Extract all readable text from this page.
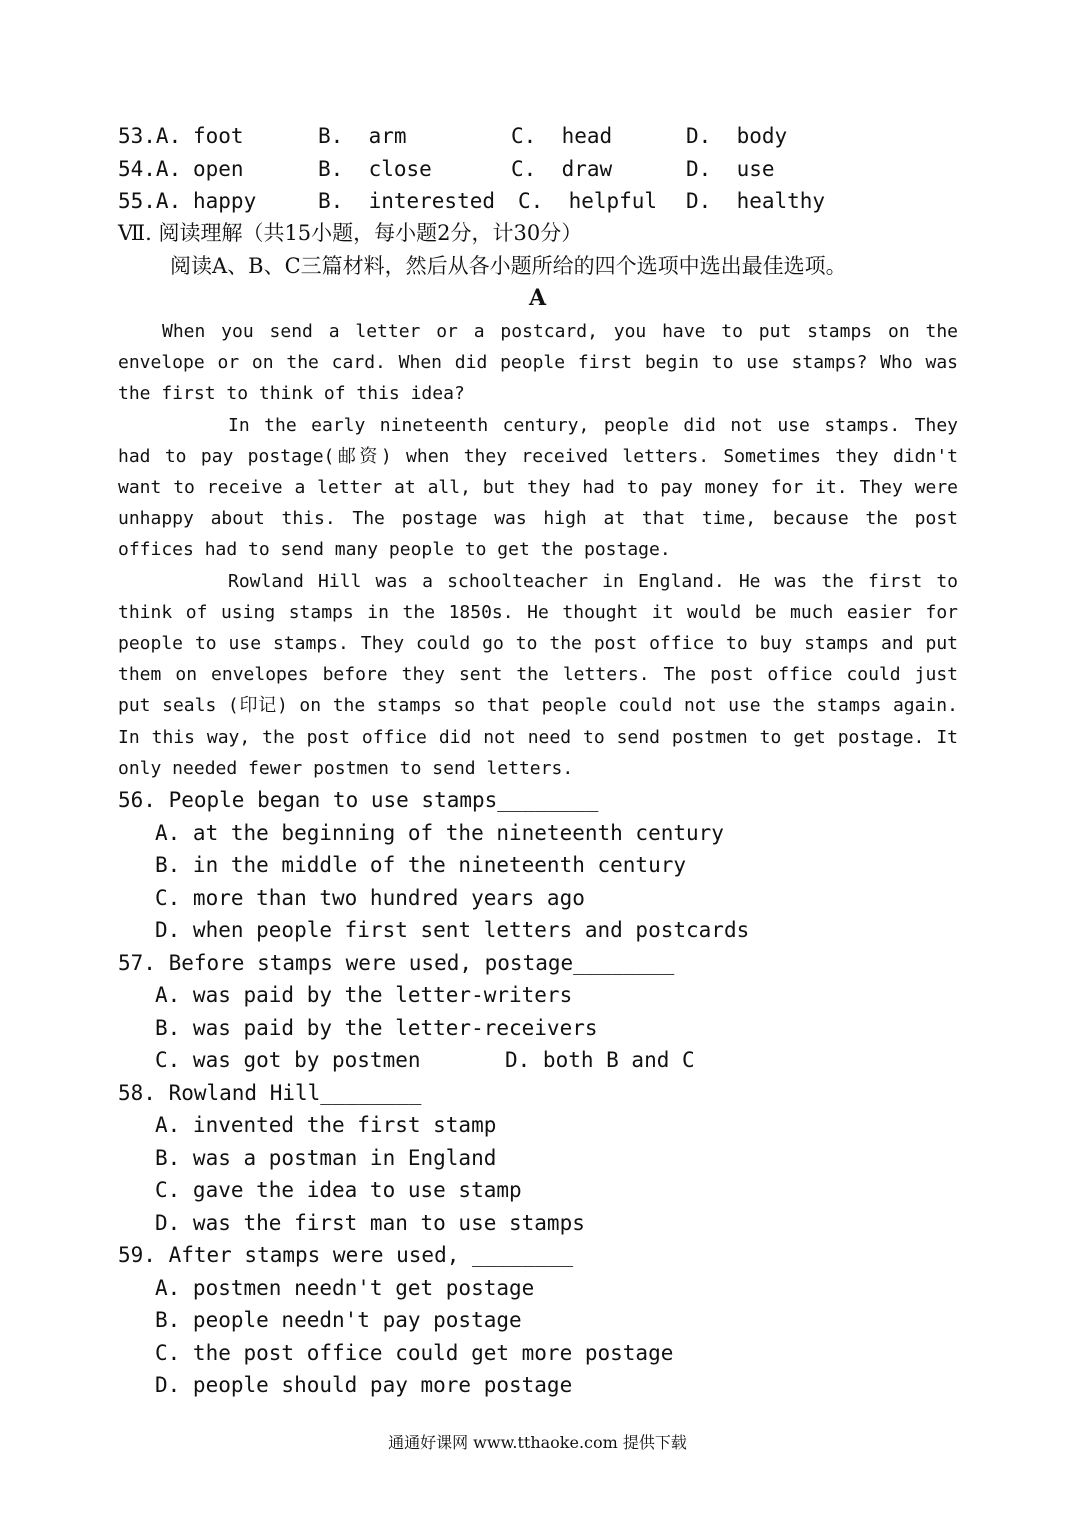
53.A. foot	B.  arm	C.  head	D.  body
54.A. open	B.  close	C.  draw	D.  use
55.A. happy	B.  interested C.  helpful D.  healthy
Ⅶ. 阅读理解（共15小题，每小题2分，计30分）
阅读A、B、C三篇材料，然后从各小题所给的四个选项中选出最佳选项。
A

When you send a letter or a postcard, you have to put stamps on the envelope or on the card. When did people first begin to use stamps? Who was the first to think of this idea?

In the early nineteenth century, people did not use stamps. They had to pay postage(邮资) when they received letters. Sometimes they didn't want to receive a letter at all, but they had to pay money for it. They were unhappy about this. The postage was high at that time, because the post offices had to send many people to get the postage.

Rowland Hill was a schoolteacher in England. He was the first to think of using stamps in the 1850s. He thought it would be much easier for people to use stamps. They could go to the post office to buy stamps and put them on envelopes before they sent the letters. The post office could just put seals (印记) on the stamps so that people could not use the stamps again. In this way, the post office did not need to send postmen to get postage. It only needed fewer postmen to send letters.

56. People began to use stamps________
A. at the beginning of the nineteenth century
B. in the middle of the nineteenth century
C. more than two hundred years ago
D. when people first sent letters and postcards
57. Before stamps were used, postage________
A. was paid by the letter-writers
B. was paid by the letter-receivers
C. was got by postmen	D. both B and C
58. Rowland Hill________
A. invented the first stamp
B. was a postman in England
C. gave the idea to use stamp
D. was the first man to use stamps
59. After stamps were used, ________
A. postmen needn't get postage
B. people needn't pay postage
C. the post office could get more postage
D. people should pay more postage
通通好课网 www.tthaoke.com 提供下载
